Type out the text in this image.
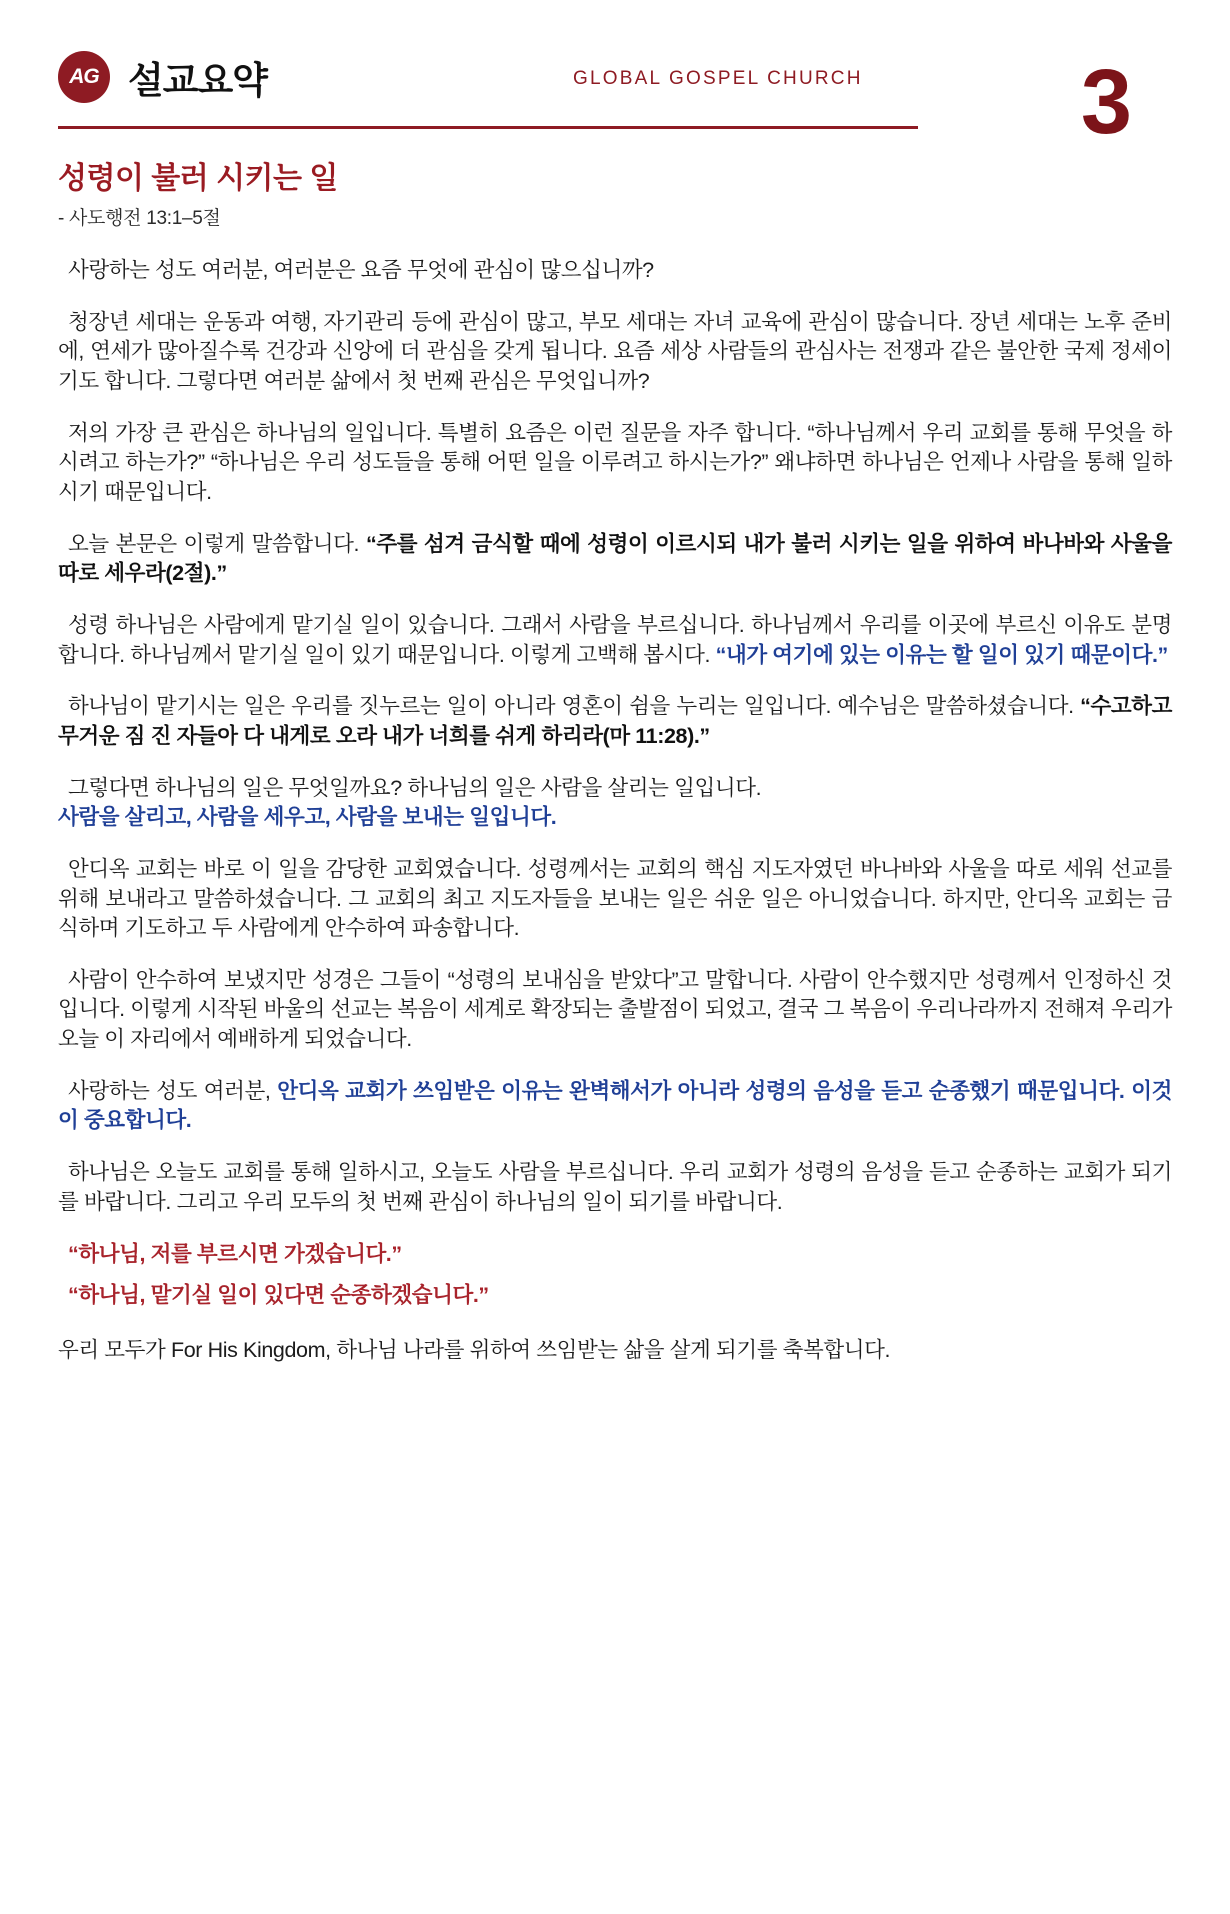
AG 설교요약	GLOBAL GOSPEL CHURCH 3
성령이 불러 시키는 일
- 사도행전 13:1–5절

사랑하는 성도 여러분, 여러분은 요즘 무엇에 관심이 많으십니까?

청장년 세대는 운동과 여행, 자기관리 등에 관심이 많고, 부모 세대는 자녀 교육에 관심이 많습니다. 장년 세대는 노후 준비에, 연세가 많아질수록 건강과 신앙에 더 관심을 갖게 됩니다. 요즘 세상 사람들의 관심사는 전쟁과 같은 불안한 국제 정세이기도 합니다. 그렇다면 여러분 삶에서 첫 번째 관심은 무엇입니까?

저의 가장 큰 관심은 하나님의 일입니다. 특별히 요즘은 이런 질문을 자주 합니다. “하나님께서 우리 교회를 통해 무엇을 하시려고 하는가?” “하나님은 우리 성도들을 통해 어떤 일을 이루려고 하시는가?” 왜냐하면 하나님은 언제나 사람을 통해 일하시기 때문입니다.

오늘 본문은 이렇게 말씀합니다. “주를 섬겨 금식할 때에 성령이 이르시되 내가 불러 시키는 일을 위하여 바나바와 사울을 따로 세우라(2절).”

성령 하나님은 사람에게 맡기실 일이 있습니다. 그래서 사람을 부르십니다. 하나님께서 우리를 이곳에 부르신 이유도 분명합니다. 하나님께서 맡기실 일이 있기 때문입니다. 이렇게 고백해 봅시다. “내가 여기에 있는 이유는 할 일이 있기 때문이다.”

하나님이 맡기시는 일은 우리를 짓누르는 일이 아니라 영혼이 쉼을 누리는 일입니다. 예수님은 말씀하셨습니다. “수고하고 무거운 짐 진 자들아 다 내게로 오라 내가 너희를 쉬게 하리라(마 11:28).”

그렇다면 하나님의 일은 무엇일까요? 하나님의 일은 사람을 살리는 일입니다.
사람을 살리고, 사람을 세우고, 사람을 보내는 일입니다.

안디옥 교회는 바로 이 일을 감당한 교회였습니다. 성령께서는 교회의 핵심 지도자였던 바나바와 사울을 따로 세워 선교를 위해 보내라고 말씀하셨습니다. 그 교회의 최고 지도자들을 보내는 일은 쉬운 일은 아니었습니다. 하지만, 안디옥 교회는 금식하며 기도하고 두 사람에게 안수하여 파송합니다.

사람이 안수하여 보냈지만 성경은 그들이 “성령의 보내심을 받았다”고 말합니다. 사람이 안수했지만 성령께서 인정하신 것입니다. 이렇게 시작된 바울의 선교는 복음이 세계로 확장되는 출발점이 되었고, 결국 그 복음이 우리나라까지 전해져 우리가 오늘 이 자리에서 예배하게 되었습니다.

사랑하는 성도 여러분, 안디옥 교회가 쓰임받은 이유는 완벽해서가 아니라 성령의 음성을 듣고 순종했기 때문입니다. 이것이 중요합니다.

하나님은 오늘도 교회를 통해 일하시고, 오늘도 사람을 부르십니다. 우리 교회가 성령의 음성을 듣고 순종하는 교회가 되기를 바랍니다. 그리고 우리 모두의 첫 번째 관심이 하나님의 일이 되기를 바랍니다.

“하나님, 저를 부르시면 가겠습니다.”
“하나님, 맡기실 일이 있다면 순종하겠습니다.”

우리 모두가 For His Kingdom, 하나님 나라를 위하여 쓰임받는 삶을 살게 되기를 축복합니다.
